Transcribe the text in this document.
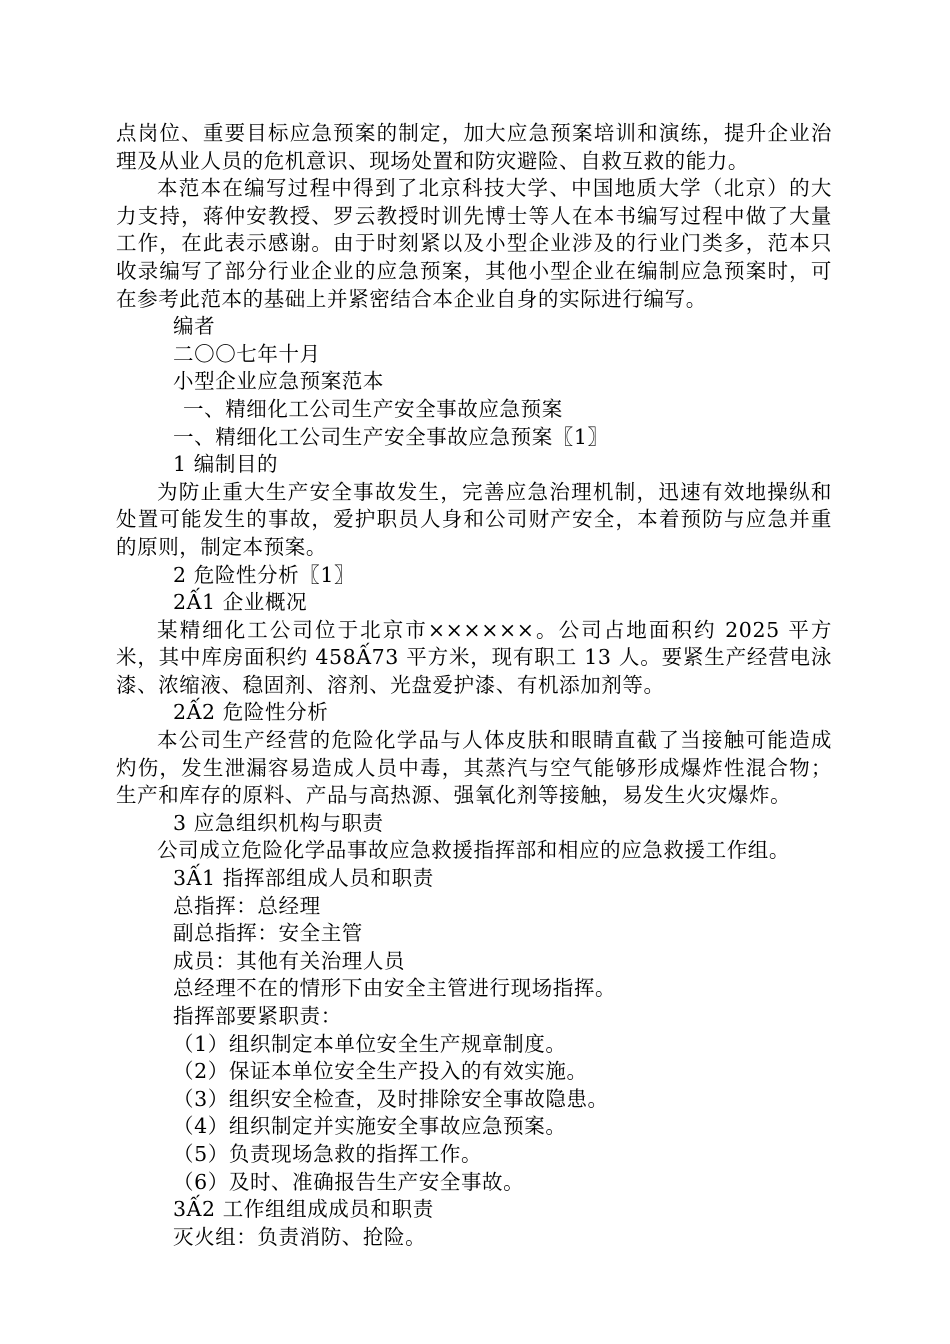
点岗位、重要目标应急预案的制定，加大应急预案培训和演练，提升企业治理及从业人员的危机意识、现场处置和防灾避险、自救互救的能力。

本范本在编写过程中得到了北京科技大学、中国地质大学（北京）的大力支持，蒋仲安教授、罗云教授时训先博士等人在本书编写过程中做了大量工作，在此表示感谢。由于时刻紧以及小型企业涉及的行业门类多，范本只收录编写了部分行业企业的应急预案，其他小型企业在编制应急预案时，可在参考此范本的基础上并紧密结合本企业自身的实际进行编写。

编者

二〇〇七年十月

小型企业应急预案范本

一、精细化工公司生产安全事故应急预案

一、精细化工公司生产安全事故应急预案〖1〗

1 编制目的

为防止重大生产安全事故发生，完善应急治理机制，迅速有效地操纵和处置可能发生的事故，爱护职员人身和公司财产安全，本着预防与应急并重的原则，制定本预案。

2 危险性分析〖1〗

2Ấ1 企业概况

某精细化工公司位于北京市××××××。公司占地面积约 2025 平方米，其中库房面积约 458Ấ73 平方米，现有职工 13 人。要紧生产经营电泳漆、浓缩液、稳固剂、溶剂、光盘爱护漆、有机添加剂等。

2Ấ2 危险性分析

本公司生产经营的危险化学品与人体皮肤和眼睛直截了当接触可能造成灼伤，发生泄漏容易造成人员中毒，其蒸汽与空气能够形成爆炸性混合物；生产和库存的原料、产品与高热源、强氧化剂等接触，易发生火灾爆炸。

3 应急组织机构与职责

公司成立危险化学品事故应急救援指挥部和相应的应急救援工作组。

3Ấ1 指挥部组成人员和职责

总指挥：总经理

副总指挥：安全主管

成员：其他有关治理人员

总经理不在的情形下由安全主管进行现场指挥。

指挥部要紧职责：

（1）组织制定本单位安全生产规章制度。

（2）保证本单位安全生产投入的有效实施。

（3）组织安全检查，及时排除安全事故隐患。

（4）组织制定并实施安全事故应急预案。

（5）负责现场急救的指挥工作。

（6）及时、准确报告生产安全事故。

3Ấ2 工作组组成成员和职责

灭火组：负责消防、抢险。
